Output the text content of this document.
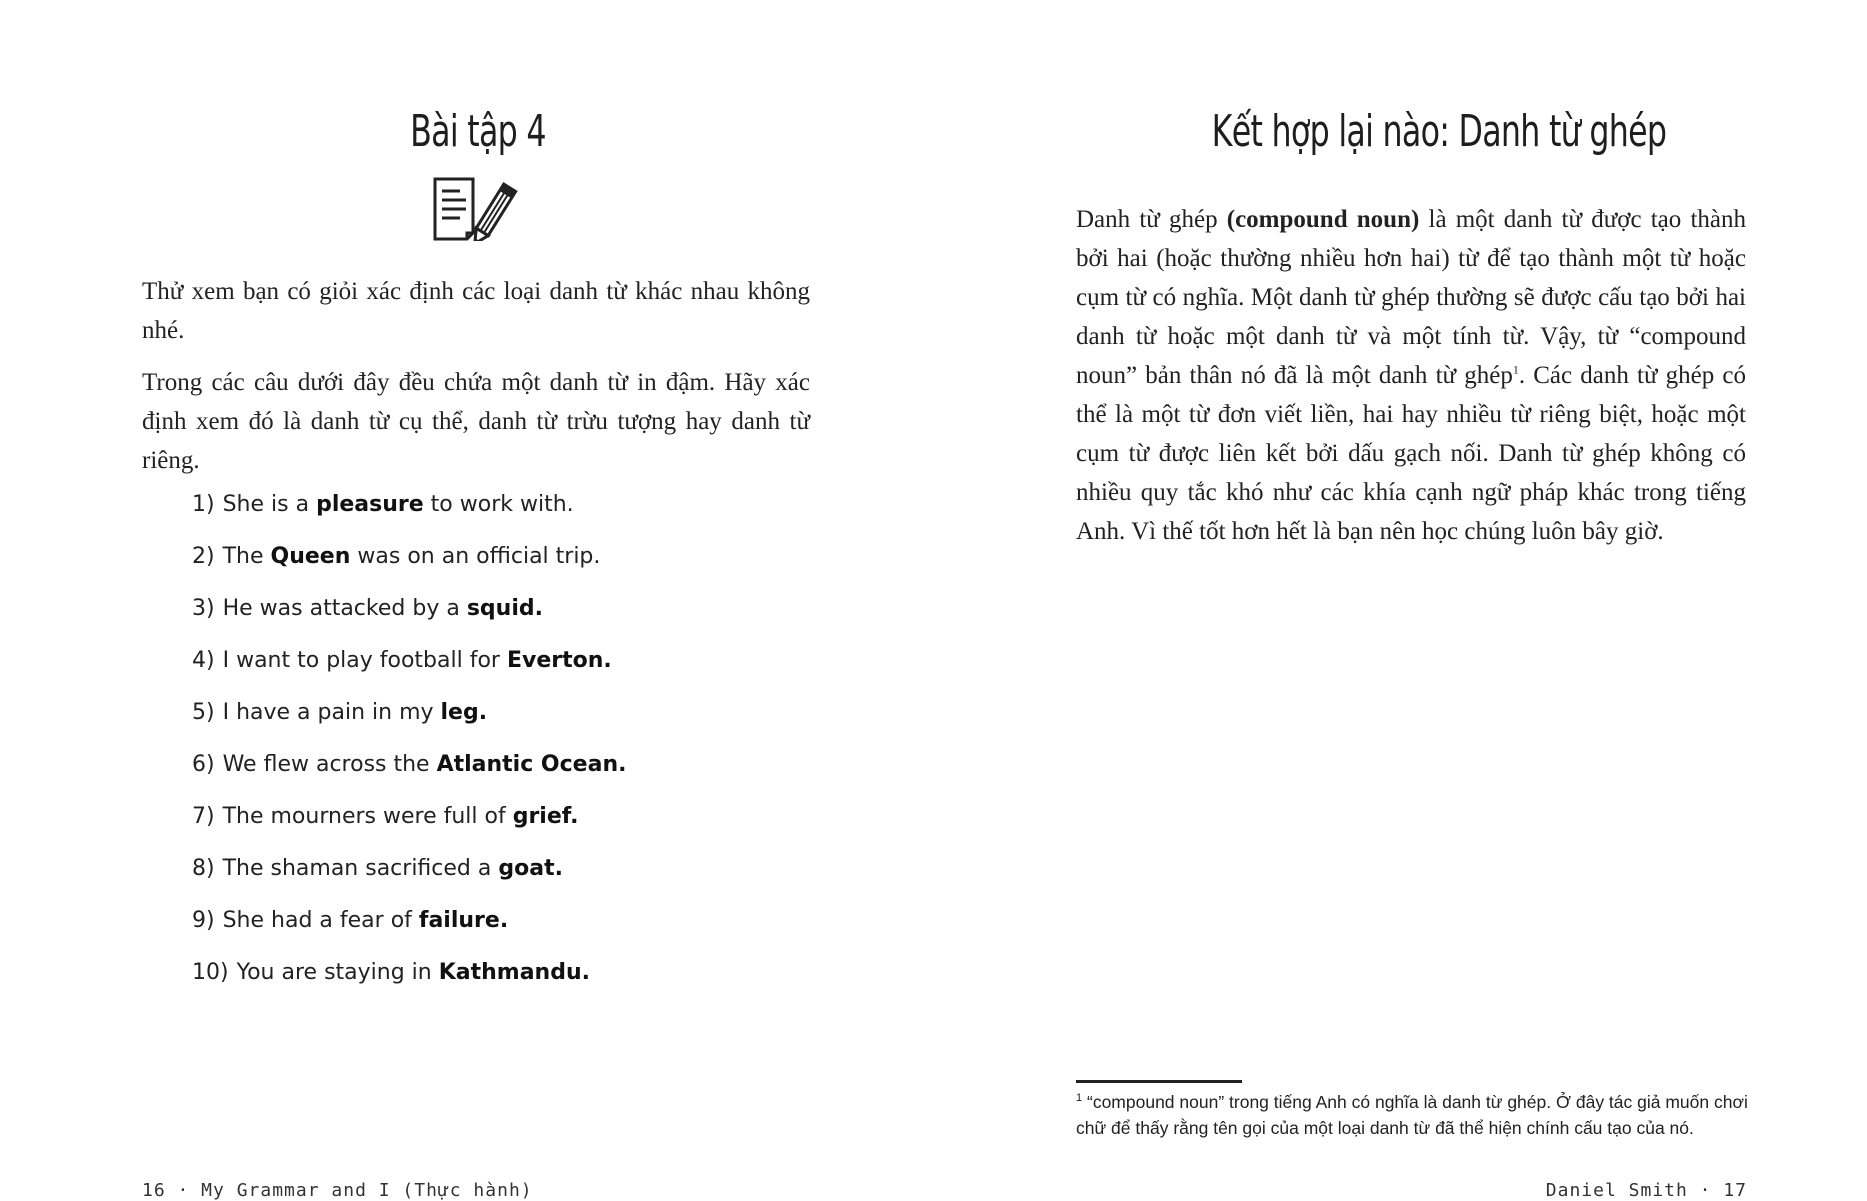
Bài tập 4

Thử xem bạn có giỏi xác định các loại danh từ khác nhau không nhé.

Trong các câu dưới đây đều chứa một danh từ in đậm. Hãy xác định xem đó là danh từ cụ thể, danh từ trừu tượng hay danh từ riêng.

1) She is a pleasure to work with.
2) The Queen was on an official trip.
3) He was attacked by a squid.
4) I want to play football for Everton.
5) I have a pain in my leg.
6) We flew across the Atlantic Ocean.
7) The mourners were full of grief.
8) The shaman sacrificed a goat.
9) She had a fear of failure.
10) You are staying in Kathmandu.
16 · My Grammar and I (Thực hành)
Kết hợp lại nào: Danh từ ghép

Danh từ ghép (compound noun) là một danh từ được tạo thành bởi hai (hoặc thường nhiều hơn hai) từ để tạo thành một từ hoặc cụm từ có nghĩa. Một danh từ ghép thường sẽ được cấu tạo bởi hai danh từ hoặc một danh từ và một tính từ. Vậy, từ “compound noun” bản thân nó đã là một danh từ ghép$^1$. Các danh từ ghép có thể là một từ đơn viết liền, hai hay nhiều từ riêng biệt, hoặc một cụm từ được liên kết bởi dấu gạch nối. Danh từ ghép không có nhiều quy tắc khó như các khía cạnh ngữ pháp khác trong tiếng Anh. Vì thế tốt hơn hết là bạn nên học chúng luôn bây giờ.

$^1$ “compound noun” trong tiếng Anh có nghĩa là danh từ ghép. Ở đây tác giả muốn chơi chữ để thấy rằng tên gọi của một loại danh từ đã thể hiện chính cấu tạo của nó.

Daniel Smith · 17
